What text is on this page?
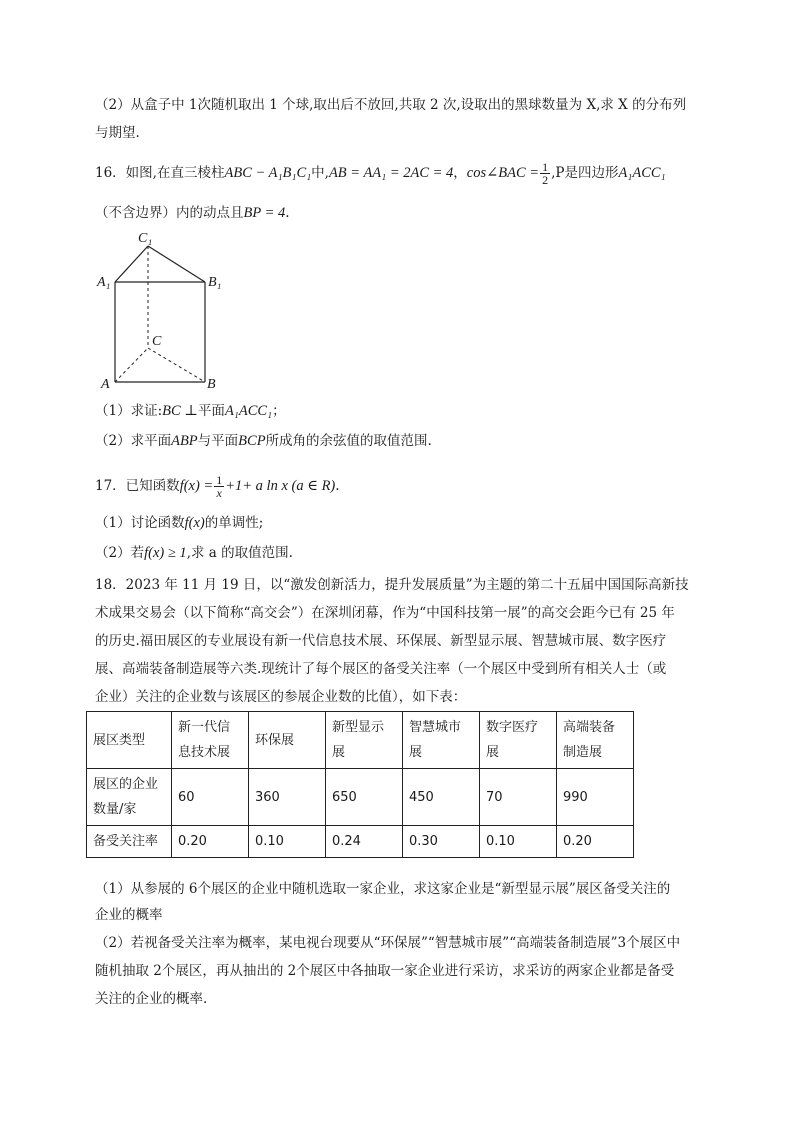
（2）从盒子中 1次随机取出 1 个球,取出后不放回,共取 2 次,设取出的黑球数量为 X,求 X 的分布列
与期望.
16．如图,在直三棱柱ABC − A₁B₁C₁中,AB = AA₁ = 2AC = 4，cos∠BAC = $\frac{1}{2} ,P$是四边形A₁ACC₁
（不含边界）内的动点且BP = 4.
C₁
A₁	B₁
C
A	B
（1）求证:BC ⊥平面A₁ACC₁；
（2）求平面ABP与平面BCP所成角的余弦值的取值范围.
17．已知函数$f(x) = \frac{1}{x} +1+ a$ ln x (a ∈ R).
（1）讨论函数f(x)的单调性;
（2）若f(x) ≥ 1,求 a 的取值范围.
18．2023 年 11 月 19 日，以“激发创新活力，提升发展质量”为主题的第二十五届中国国际高新技
术成果交易会（以下简称“高交会”）在深圳闭幕，作为“中国科技第一展”的高交会距今已有 25 年
的历史.福田展区的专业展设有新一代信息技术展、环保展、新型显示展、智慧城市展、数字医疗
展、高端装备制造展等六类.现统计了每个展区的备受关注率（一个展区中受到所有相关人士（或
企业）关注的企业数与该展区的参展企业数的比值），如下表：
展区类型	新一代信息技术展	环保展	新型显示展	智慧城市展	数字医疗展	高端装备制造展
展区的企业数量/家	60	360	650	450	70	990
备受关注率	0.20	0.10	0.24	0.30	0.10	0.20
（1）从参展的 6个展区的企业中随机选取一家企业，求这家企业是“新型显示展”展区备受关注的
企业的概率
（2）若视备受关注率为概率，某电视台现要从“环保展”“智慧城市展”“高端装备制造展”3个展区中
随机抽取 2个展区，再从抽出的 2个展区中各抽取一家企业进行采访，求采访的两家企业都是备受
关注的企业的概率.
